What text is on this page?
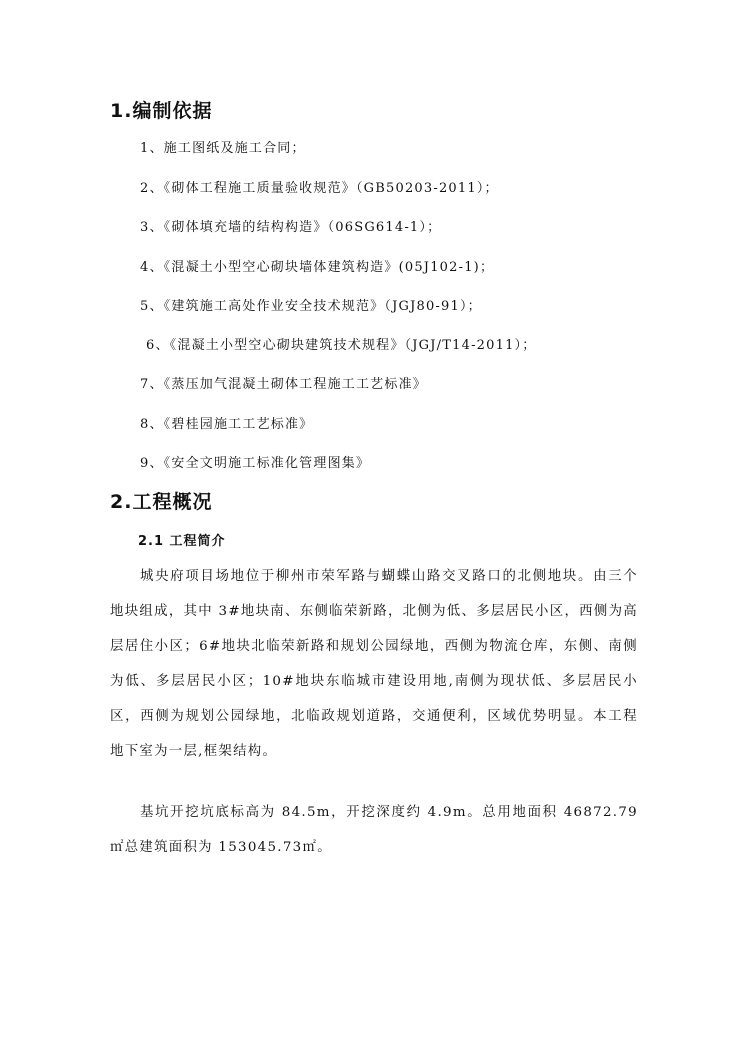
1.编制依据
1、施工图纸及施工合同；
2、《砌体工程施工质量验收规范》（GB50203-2011）；
3、《砌体填充墙的结构构造》（06SG614-1）；
4、《混凝土小型空心砌块墙体建筑构造》(05J102-1)；
5、《建筑施工高处作业安全技术规范》（JGJ80-91）；
6、《混凝土小型空心砌块建筑技术规程》（JGJ/T14-2011）；
7、《蒸压加气混凝土砌体工程施工工艺标准》
8、《碧桂园施工工艺标准》
9、《安全文明施工标准化管理图集》
2.工程概况
2.1 工程简介

城央府项目场地位于柳州市荣军路与蝴蝶山路交叉路口的北侧地块。由三个地块组成，其中 3#地块南、东侧临荣新路，北侧为低、多层居民小区，西侧为高层居住小区；6#地块北临荣新路和规划公园绿地，西侧为物流仓库，东侧、南侧为低、多层居民小区；10#地块东临城市建设用地,南侧为现状低、多层居民小区，西侧为规划公园绿地，北临政规划道路，交通便利，区域优势明显。本工程地下室为一层,框架结构。

基坑开挖坑底标高为 84.5m，开挖深度约 4.9m。总用地面积 46872.79㎡总建筑面积为 153045.73㎡。
